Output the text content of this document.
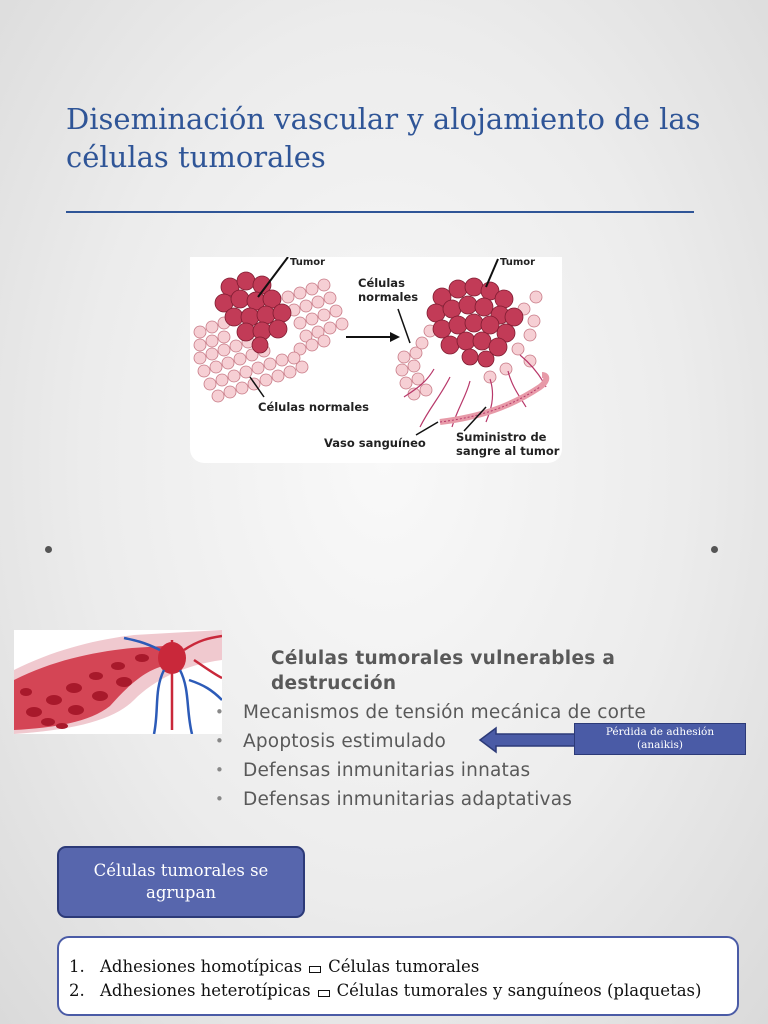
Diseminación vascular y alojamiento de las células tumorales
Tumor
Células normales
Células
normales
Tumor
Vaso sanguíneo	Suministro de
sangre al tumor
Células tumorales vulnerables a destrucción
• Mecanismos de tensión mecánica de corte
• Apoptosis estimulado
• Defensas inmunitarias innatas
• Defensas inmunitarias adaptativas
Pérdida de adhesión
(anaikis)
Células tumorales se agrupan
1. Adhesiones homotípicas Células tumorales
2. Adhesiones heterotípicas Células tumorales y sanguíneos (plaquetas)
